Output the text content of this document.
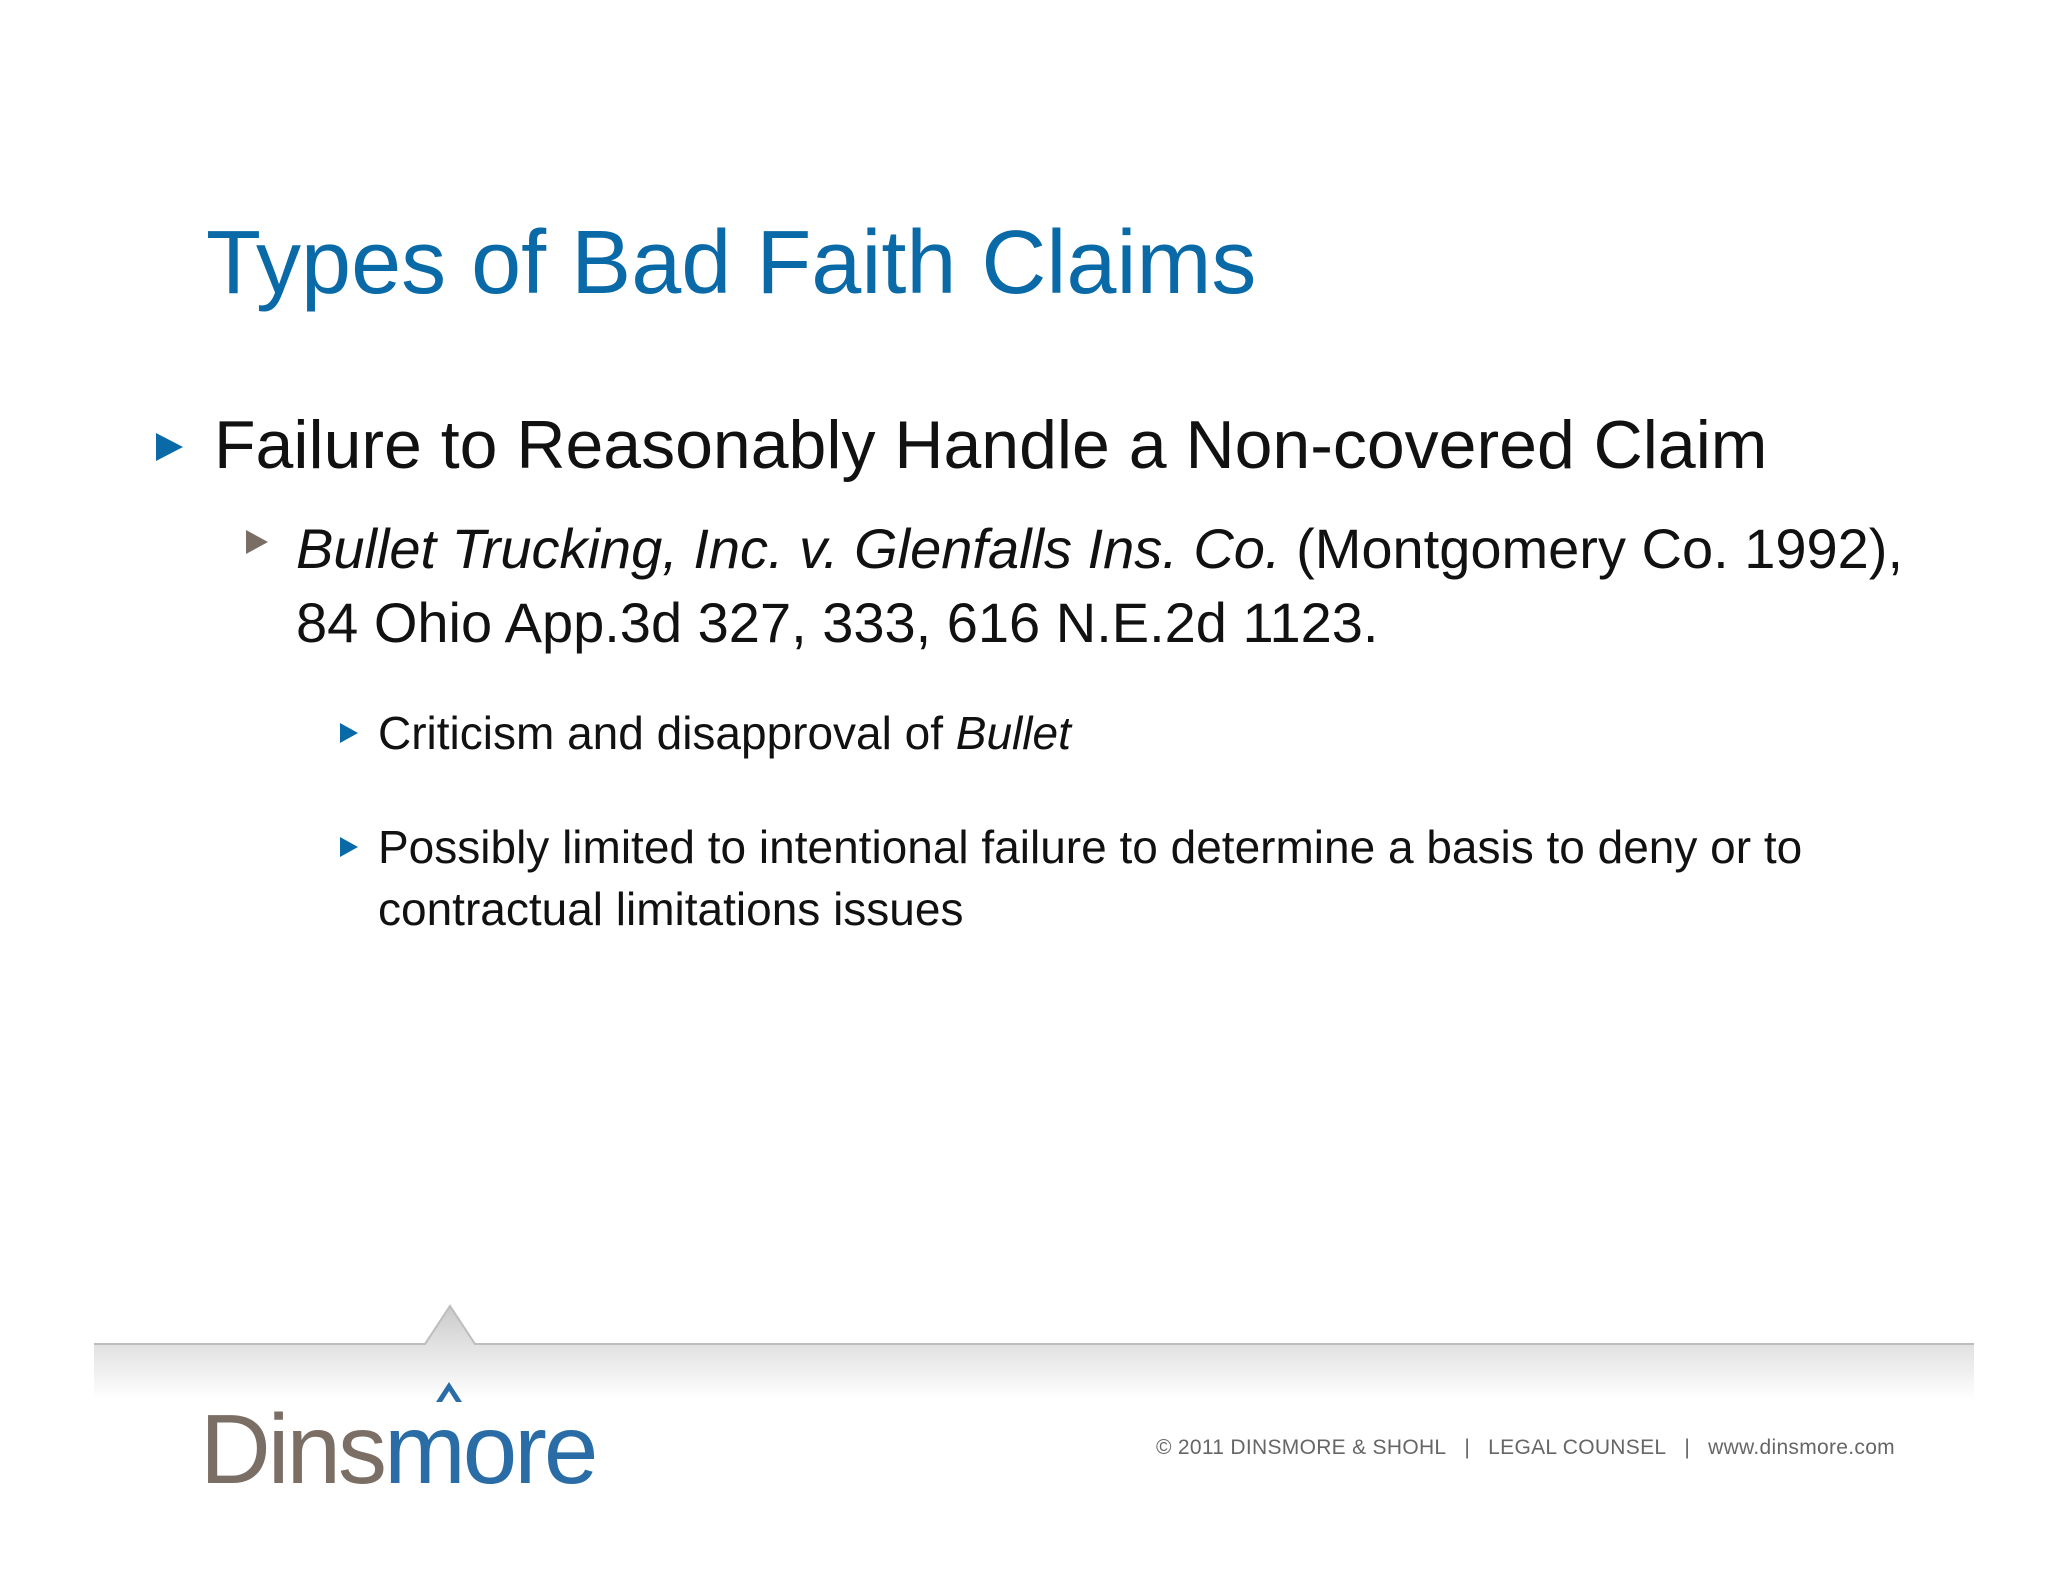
Types of Bad Faith Claims
Failure to Reasonably Handle a Non-covered Claim
Bullet Trucking, Inc. v. Glenfalls Ins. Co. (Montgomery Co. 1992), 84 Ohio App.3d 327, 333, 616 N.E.2d 1123.
Criticism and disapproval of Bullet
Possibly limited to intentional failure to determine a basis to deny or to contractual limitations issues
Dinsmore	© 2011 DINSMORE & SHOHL | LEGAL COUNSEL | www.dinsmore.com
